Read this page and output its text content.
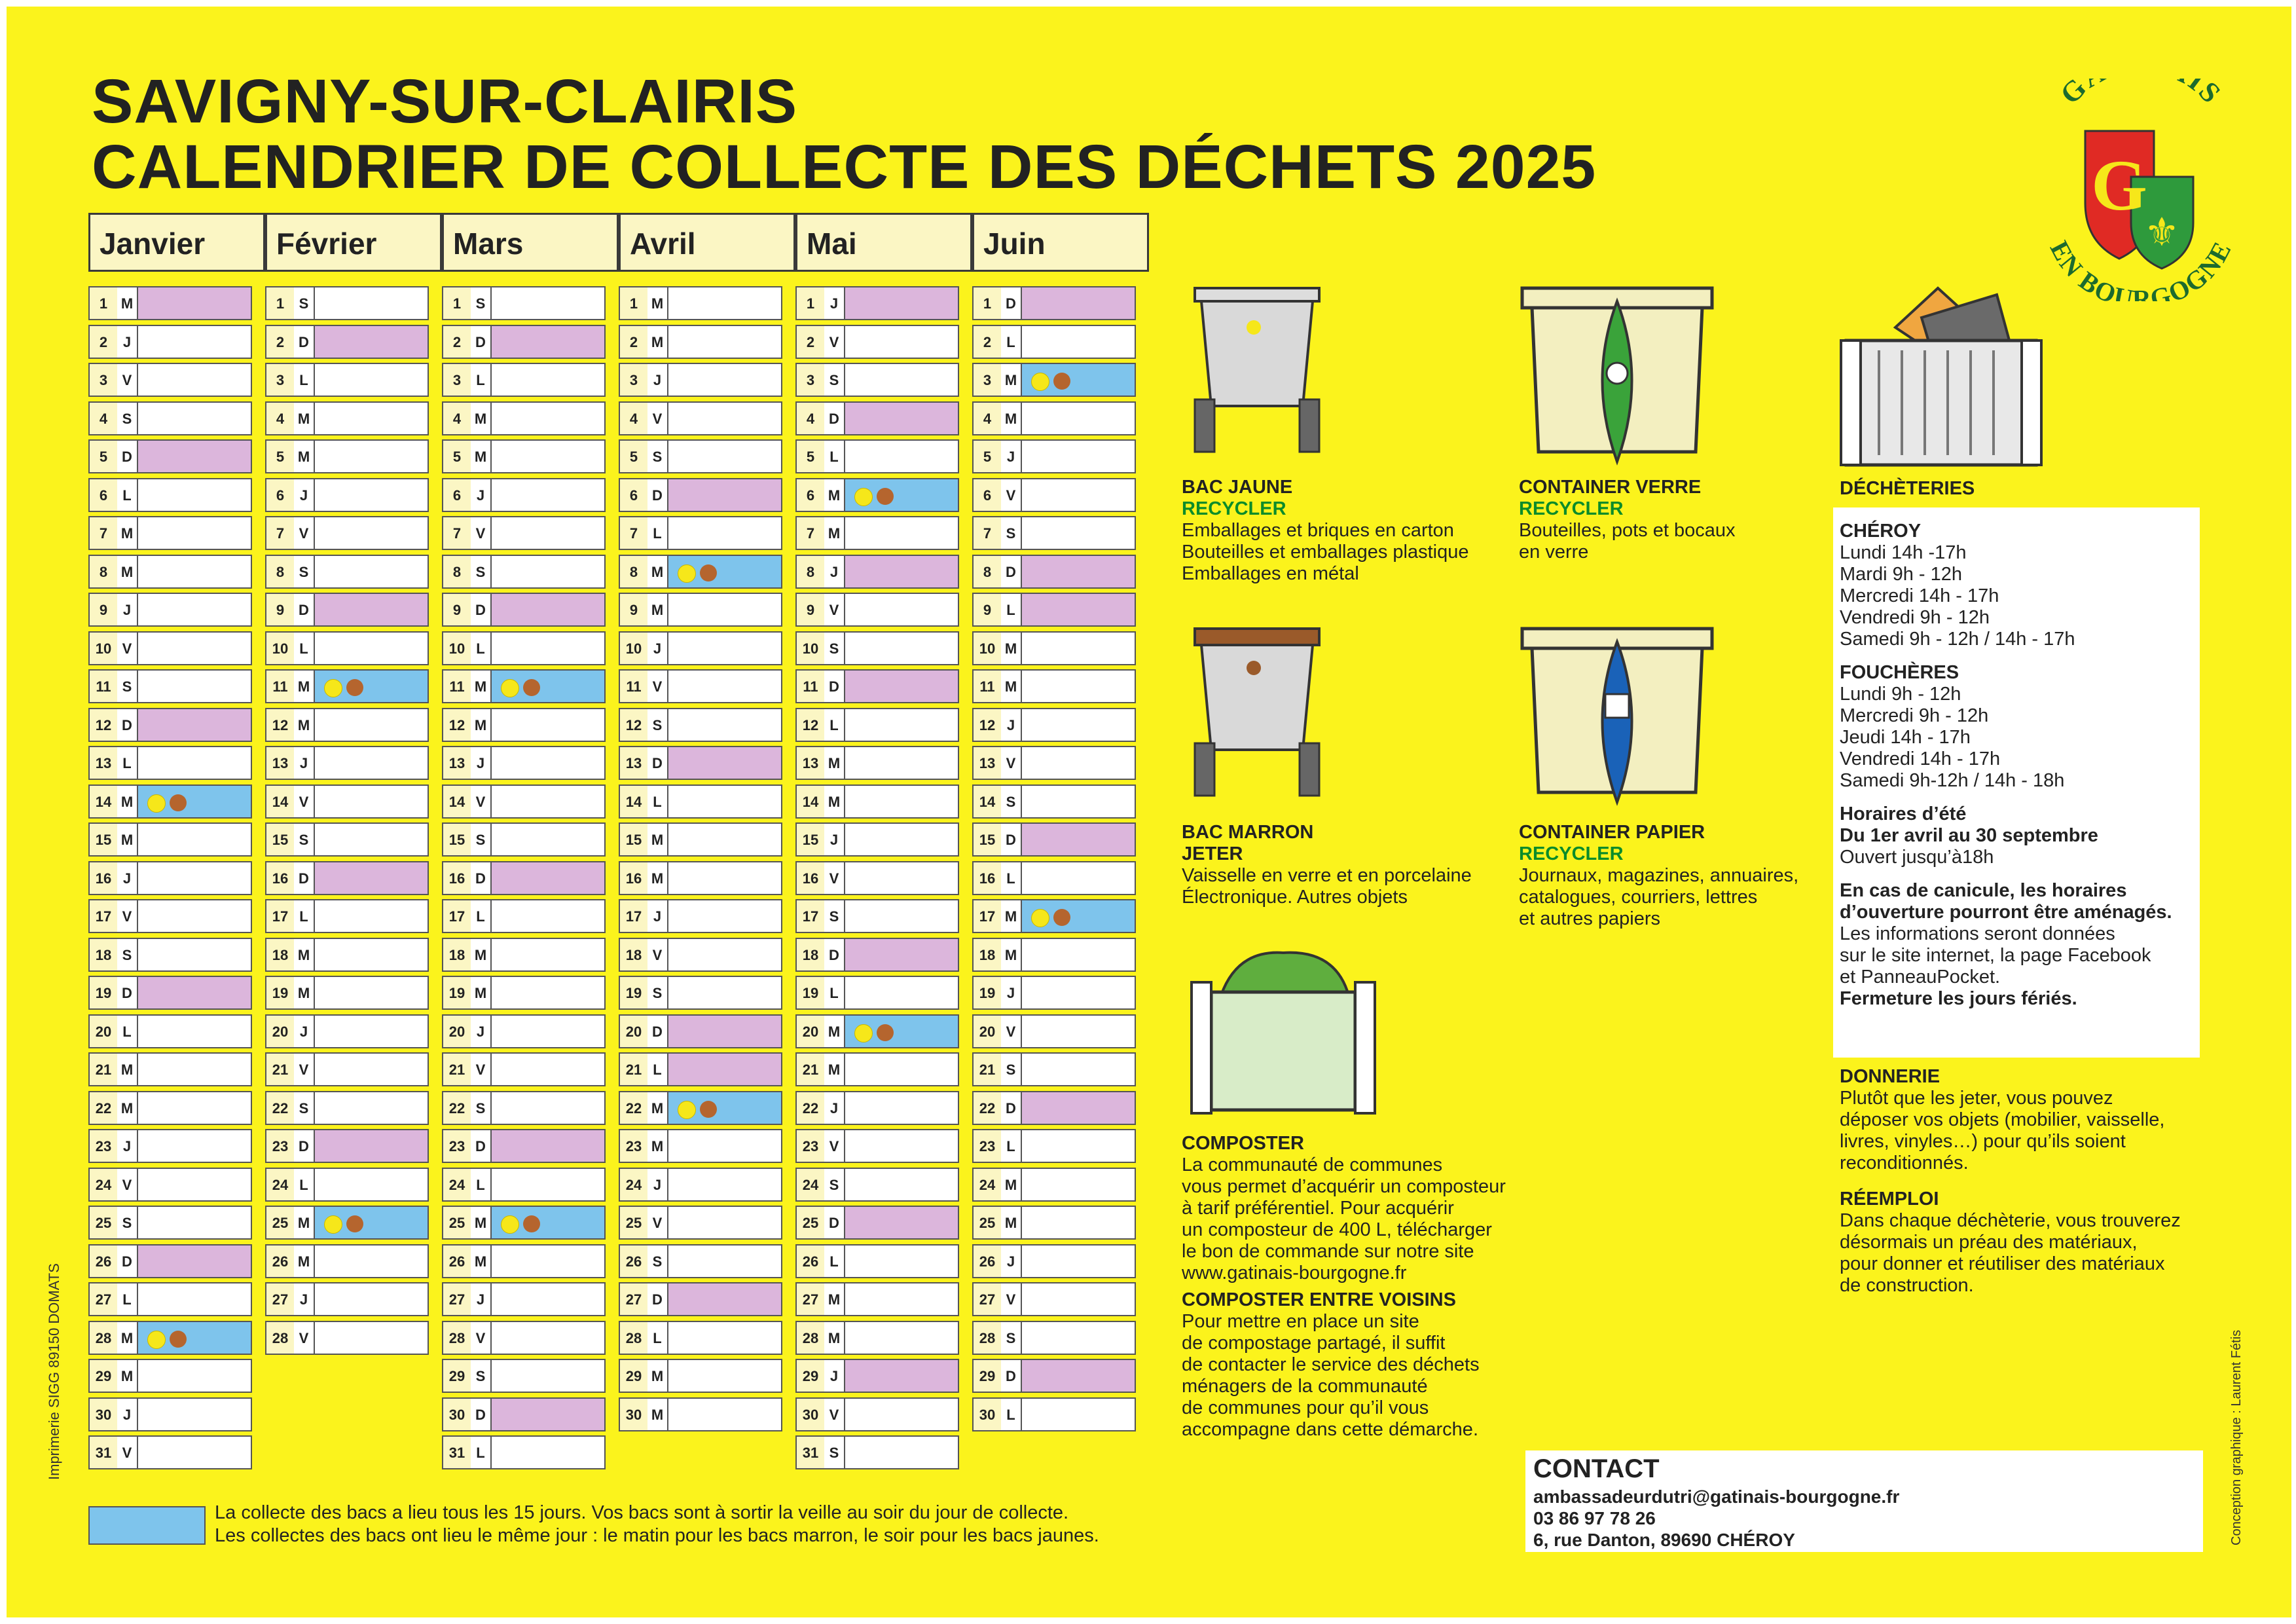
SAVIGNY-SUR-CLAIRIS
CALENDRIER DE COLLECTE DES DÉCHETS 2025
G IS
G
⚜
EN BOURGOGNE
Janvier
1 M
2	J
3	V
4	S
5 D
6	L
7 M
8 M
9	J
10 V
11 S
12 D
13 L
14 M
15 M
16 J
17 V
18 S
19 D
20 L
21 M
22 M
23 J
24 V
25 S
26 D
27 L
28 M
29 M
30 J
31 V
Février
1	S
2 D
3	L
4 M
5 M
6	J
7	V
8	S
9 D
10 L
11 M
12 M
13 J
14 V
15 S
16 D
17 L
18 M
19 M
20 J
21 V
22 S
23 D
24 L
25 M
26 M
27 J
28 V
Mars
1	S
2 D
3	L
4 M
5 M
6	J
7	V
8	S
9 D
10 L
11 M
12 M
13 J
14 V
15 S
16 D
17 L
18 M
19 M
20 J
21 V
22 S
23 D
24 L
25 M
26 M
27 J
28 V
29 S
30 D
31 L
Avril
1 M
2 M
3	J
4	V
5	S
6 D
7	L
8 M
9 M
10 J
11 V
12 S
13 D
14 L
15 M
16 M
17 J
18 V
19 S
20 D
21 L
22 M
23 M
24 J
25 V
26 S
27 D
28 L
29 M
30 M
Mai
1	J
2	V
3	S
4 D
5	L
6 M
7 M
8	J
9	V
10 S
11 D
12 L
13 M
14 M
15 J
16 V
17 S
18 D
19 L
20 M
21 M
22 J
23 V
24 S
25 D
26 L
27 M
28 M
29 J
30 V
31 S
Juin
1 D
2	L
3 M
4 M
5	J
6	V
7	S
8 D
9	L
10 M
11 M
12 J
13 V
14 S
15 D
16 L
17 M
18 M
19 J
20 V
21 S
22 D
23 L
24 M
25 M
26 J
27 V
28 S
29 D
30 L
BAC JAUNE
RECYCLER
Emballages et briques en carton
Bouteilles et emballages plastique
Emballages en métal
CONTAINER VERRE
RECYCLER
Bouteilles, pots et bocaux
en verre
BAC MARRON
JETER
Vaisselle en verre et en porcelaine
Électronique. Autres objets
CONTAINER PAPIER
RECYCLER
Journaux, magazines, annuaires,
catalogues, courriers, lettres
et autres papiers
COMPOSTER
La communauté de communes
vous permet d’acquérir un composteur
à tarif préférentiel. Pour acquérir
un composteur de 400 L, télécharger
le bon de commande sur notre site
www.gatinais-bourgogne.fr
COMPOSTER ENTRE VOISINS
Pour mettre en place un site
de compostage partagé, il suffit
de contacter le service des déchets
ménagers de la communauté
de communes pour qu’il vous
accompagne dans cette démarche.
DÉCHÈTERIES
CHÉROY
Lundi 14h -17h
Mardi 9h - 12h
Mercredi 14h - 17h
Vendredi 9h - 12h
Samedi 9h - 12h / 14h - 17h
FOUCHÈRES
Lundi 9h - 12h
Mercredi 9h - 12h
Jeudi 14h - 17h
Vendredi 14h - 17h
Samedi 9h-12h / 14h - 18h
Horaires d’été
Du 1er avril au 30 septembre
Ouvert jusqu’à18h
En cas de canicule, les horaires
d’ouverture pourront être aménagés.
Les informations seront données
sur le site internet, la page Facebook
et PanneauPocket.
Fermeture les jours fériés.
DONNERIE
Plutôt que les jeter, vous pouvez
déposer vos objets (mobilier, vaisselle,
livres, vinyles…) pour qu’ils soient
reconditionnés.
RÉEMPLOI
Dans chaque déchèterie, vous trouverez
désormais un préau des matériaux,
pour donner et réutiliser des matériaux
de construction.
La collecte des bacs a lieu tous les 15 jours. Vos bacs sont à sortir la veille au soir du jour de collecte.
Les collectes des bacs ont lieu le même jour : le matin pour les bacs marron, le soir pour les bacs jaunes.
CONTACT
ambassadeurdutri@gatinais-bourgogne.fr
03 86 97 78 26
6, rue Danton, 89690 CHÉROY
Imprimerie SIGG 89150 DOMATS	Conception graphique : Laurent Fétis
